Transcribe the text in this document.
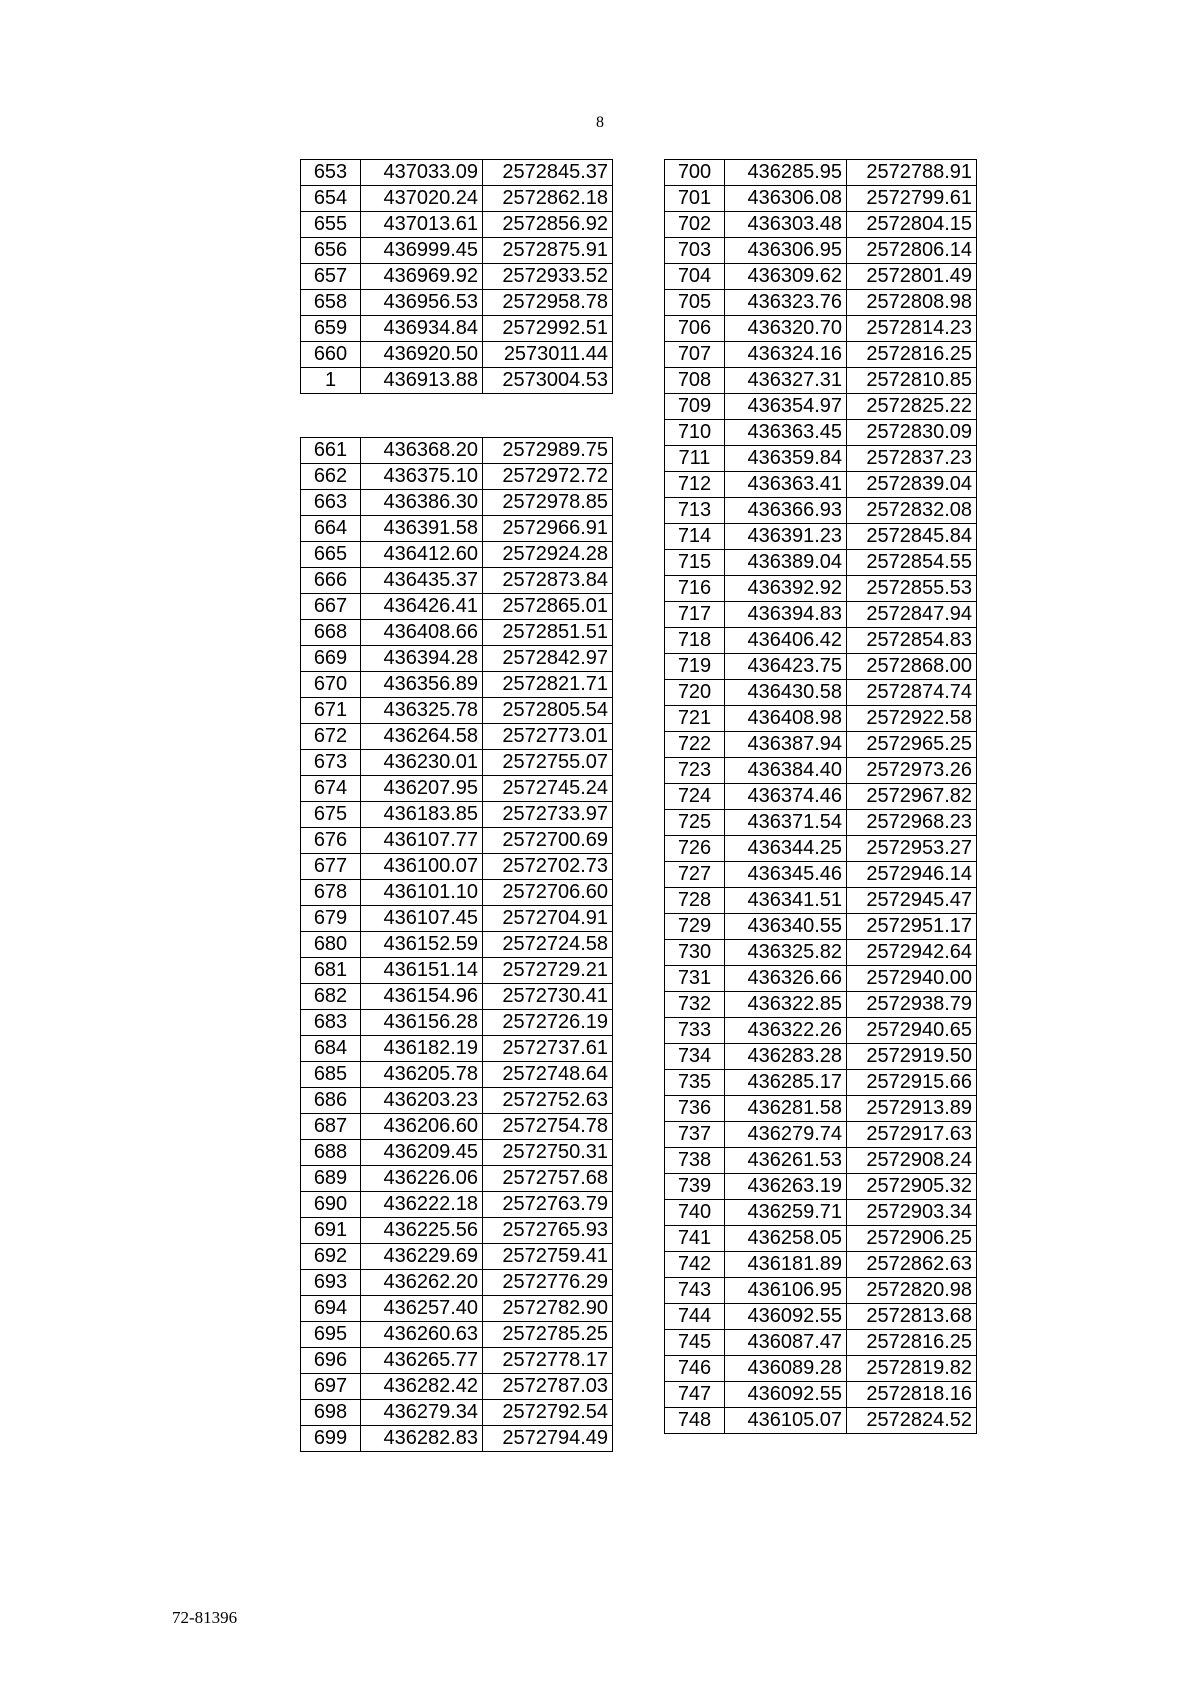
8
653	437033.09	2572845.37
654	437020.24	2572862.18
655	437013.61	2572856.92
656	436999.45	2572875.91
657	436969.92	2572933.52
658	436956.53	2572958.78
659	436934.84	2572992.51
660	436920.50	2573011.44
1	436913.88	2573004.53
661	436368.20	2572989.75
662	436375.10	2572972.72
663	436386.30	2572978.85
664	436391.58	2572966.91
665	436412.60	2572924.28
666	436435.37	2572873.84
667	436426.41	2572865.01
668	436408.66	2572851.51
669	436394.28	2572842.97
670	436356.89	2572821.71
671	436325.78	2572805.54
672	436264.58	2572773.01
673	436230.01	2572755.07
674	436207.95	2572745.24
675	436183.85	2572733.97
676	436107.77	2572700.69
677	436100.07	2572702.73
678	436101.10	2572706.60
679	436107.45	2572704.91
680	436152.59	2572724.58
681	436151.14	2572729.21
682	436154.96	2572730.41
683	436156.28	2572726.19
684	436182.19	2572737.61
685	436205.78	2572748.64
686	436203.23	2572752.63
687	436206.60	2572754.78
688	436209.45	2572750.31
689	436226.06	2572757.68
690	436222.18	2572763.79
691	436225.56	2572765.93
692	436229.69	2572759.41
693	436262.20	2572776.29
694	436257.40	2572782.90
695	436260.63	2572785.25
696	436265.77	2572778.17
697	436282.42	2572787.03
698	436279.34	2572792.54
699	436282.83	2572794.49
700	436285.95	2572788.91
701	436306.08	2572799.61
702	436303.48	2572804.15
703	436306.95	2572806.14
704	436309.62	2572801.49
705	436323.76	2572808.98
706	436320.70	2572814.23
707	436324.16	2572816.25
708	436327.31	2572810.85
709	436354.97	2572825.22
710	436363.45	2572830.09
711	436359.84	2572837.23
712	436363.41	2572839.04
713	436366.93	2572832.08
714	436391.23	2572845.84
715	436389.04	2572854.55
716	436392.92	2572855.53
717	436394.83	2572847.94
718	436406.42	2572854.83
719	436423.75	2572868.00
720	436430.58	2572874.74
721	436408.98	2572922.58
722	436387.94	2572965.25
723	436384.40	2572973.26
724	436374.46	2572967.82
725	436371.54	2572968.23
726	436344.25	2572953.27
727	436345.46	2572946.14
728	436341.51	2572945.47
729	436340.55	2572951.17
730	436325.82	2572942.64
731	436326.66	2572940.00
732	436322.85	2572938.79
733	436322.26	2572940.65
734	436283.28	2572919.50
735	436285.17	2572915.66
736	436281.58	2572913.89
737	436279.74	2572917.63
738	436261.53	2572908.24
739	436263.19	2572905.32
740	436259.71	2572903.34
741	436258.05	2572906.25
742	436181.89	2572862.63
743	436106.95	2572820.98
744	436092.55	2572813.68
745	436087.47	2572816.25
746	436089.28	2572819.82
747	436092.55	2572818.16
748	436105.07	2572824.52
72-81396
